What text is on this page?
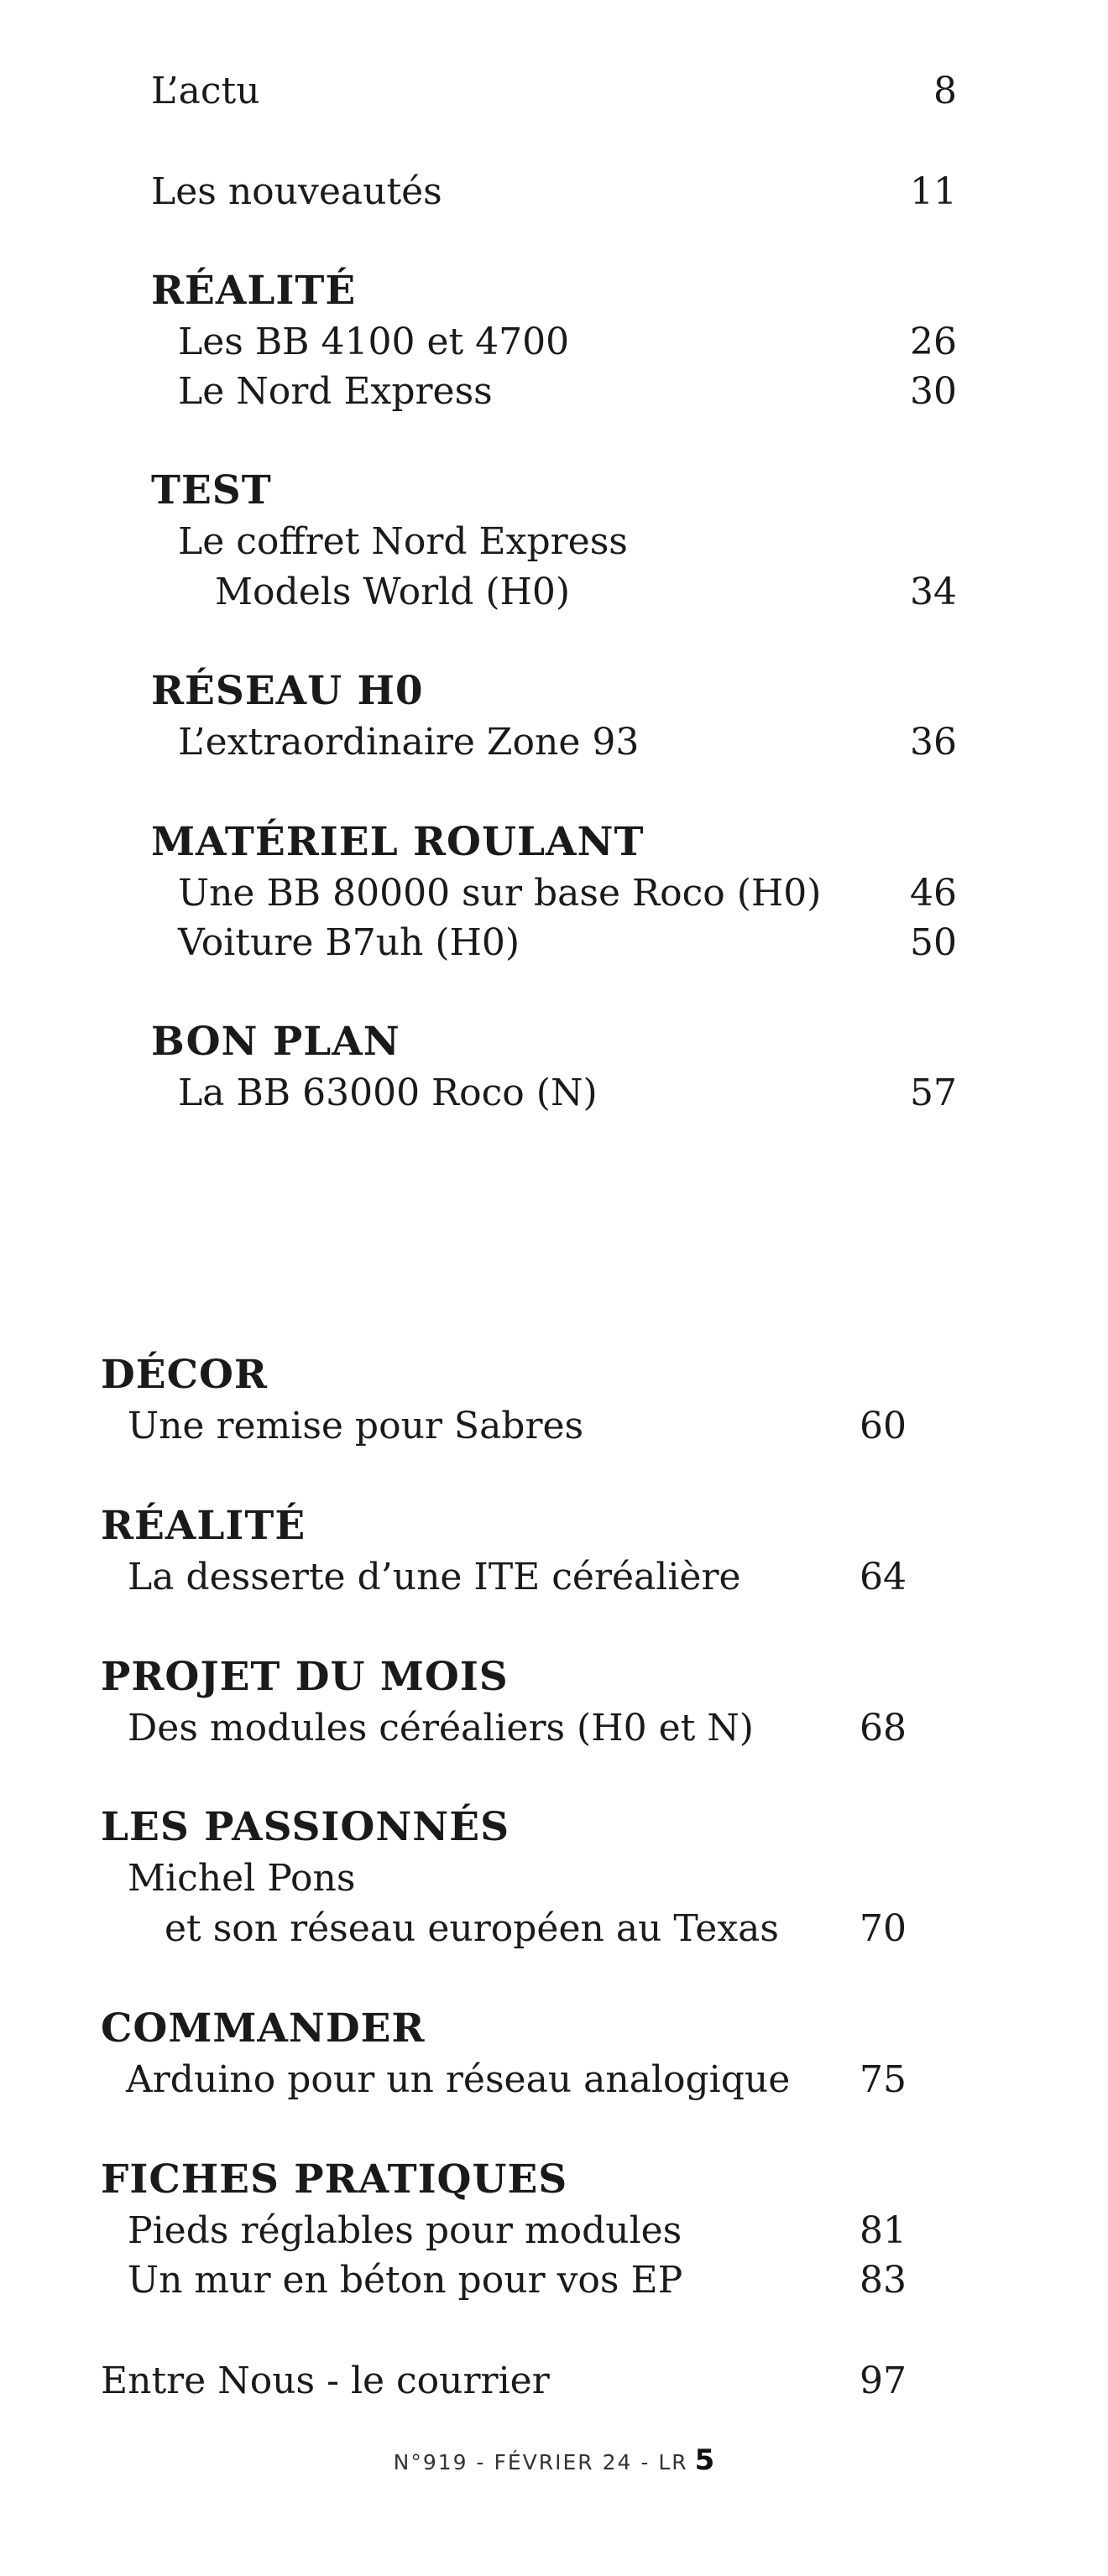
L’actu	8
Les nouveautés	11
RÉALITÉ
Les BB 4100 et 4700	26
Le Nord Express	30
TEST
Le coffret Nord Express
Models World (H0)	34
RÉSEAU H0
L’extraordinaire Zone 93	36
MATÉRIEL ROULANT
Une BB 80000 sur base Roco (H0)	46
Voiture B7uh (H0)	50
BON PLAN
La BB 63000 Roco (N)	57
DÉCOR
Une remise pour Sabres	60
RÉALITÉ
La desserte d’une ITE céréalière	64
PROJET DU MOIS
Des modules céréaliers (H0 et N)	68
LES PASSIONNÉS
Michel Pons
et son réseau européen au Texas	70
COMMANDER
Arduino pour un réseau analogique	75
FICHES PRATIQUES
Pieds réglables pour modules	81
Un mur en béton pour vos EP	83
Entre Nous - le courrier	97
N°919 - FÉVRIER 24 - LR 5
